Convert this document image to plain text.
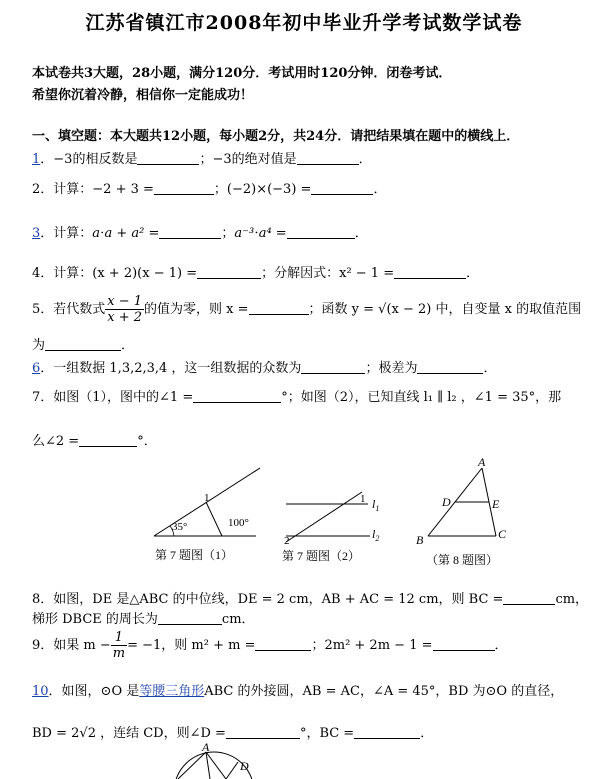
江苏省镇江市2008年初中毕业升学考试数学试卷
本试卷共3大题，28小题，满分120分．考试用时120分钟．闭卷考试．
希望你沉着冷静，相信你一定能成功！
一、填空题：本大题共12小题，每小题2分，共24分．请把结果填在题中的横线上．
1．−3的相反数是	；−3的绝对值是	．
2．计算：−2 + 3 =	；(−2)×(−3) =	．
3．计算：a⋅a + a² =	；a⁻³⋅a⁴ =	．
4．计算：(x + 2)(x − 1) =	；分解因式：x² − 1 =	．
5．若代数式 $\frac{x - 1}{x + 2}$ 的值为零，则 x =	；函数 y = √(x − 2) 中，自变量 x 的取值范围
为	．
6．一组数据 1,3,2,3,4 ，这一组数据的众数为	；极差为	．
7．如图（1），图中的∠1 =	°；如图（2），已知直线 l₁ ∥ l₂ ，∠1 = 35°，那
么∠2 =	°．
1
35°	100°
第 7 题图（1）
1
2
$l_1$
$l_2$
第 7 题图（2）
A
B	C
D	E
（第 8 题图）
8．如图，DE 是△ABC 的中位线，DE = 2 cm，AB + AC = 12 cm，则 BC =	cm，
梯形 DBCE 的周长为	cm．
9．如果 $m - \frac{1}{m} = -1$，则 m² + m =	；2m² + 2m − 1 =	．
10．如图，⊙O 是等腰三角形ABC 的外接圆，AB = AC，∠A = 45°，BD 为⊙O 的直径，
BD = 2√2 ，连结 CD，则∠D =	°，BC =	．
A
D
